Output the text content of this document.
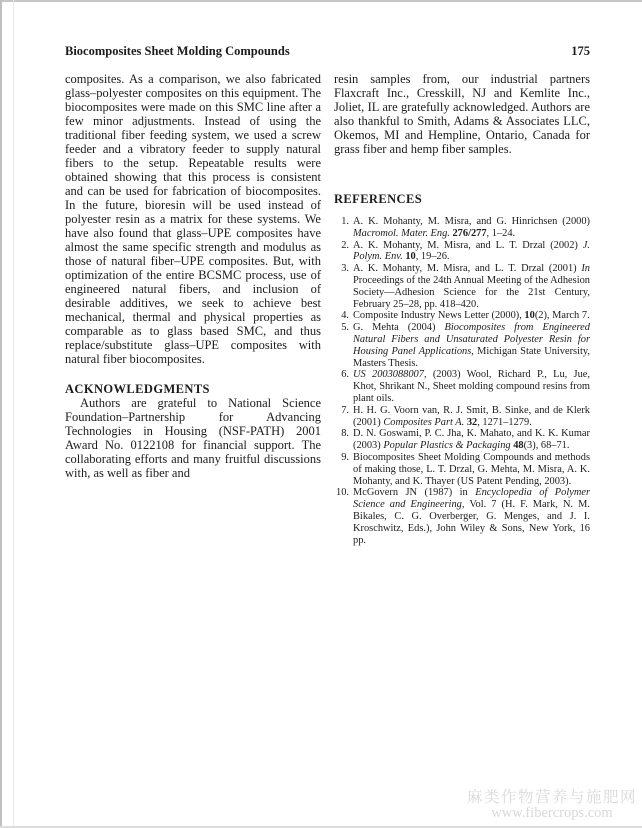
Biocomposites Sheet Molding Compounds	175

composites. As a comparison, we also fabricated glass–polyester composites on this equipment. The biocomposites were made on this SMC line after a few minor adjustments. Instead of using the traditional fiber feeding system, we used a screw feeder and a vibratory feeder to supply natural fibers to the setup. Repeatable results were obtained showing that this process is consistent and can be used for fabrication of biocomposites. In the future, bioresin will be used instead of polyester resin as a matrix for these systems. We have also found that glass–UPE composites have almost the same specific strength and modulus as those of natural fiber–UPE composites. But, with optimization of the entire BCSMC process, use of engineered natural fibers, and inclusion of desirable additives, we seek to achieve best mechanical, thermal and physical properties as comparable as to glass based SMC, and thus replace/substitute glass–UPE composites with natural fiber biocomposites.

ACKNOWLEDGMENTS

Authors are grateful to National Science Foundation–Partnership for Advancing Technologies in Housing (NSF-PATH) 2001 Award No. 0122108 for financial support. The collaborating efforts and many fruitful discussions with, as well as fiber and

resin samples from, our industrial partners Flaxcraft Inc., Cresskill, NJ and Kemlite Inc., Joliet, IL are gratefully acknowledged. Authors are also thankful to Smith, Adams & Associates LLC, Okemos, MI and Hempline, Ontario, Canada for grass fiber and hemp fiber samples.

REFERENCES
1. A. K. Mohanty, M. Misra, and G. Hinrichsen (2000) Macromol. Mater. Eng. 276/277, 1–24.
2. A. K. Mohanty, M. Misra, and L. T. Drzal (2002) J. Polym. Env. 10, 19–26.
3. A. K. Mohanty, M. Misra, and L. T. Drzal (2001) In Proceedings of the 24th Annual Meeting of the Adhesion Society—Adhesion Science for the 21st Century, February 25–28, pp. 418–420.
4. Composite Industry News Letter (2000), 10(2), March 7.
5. G. Mehta (2004) Biocomposites from Engineered Natural Fibers and Unsaturated Polyester Resin for Housing Panel Applications, Michigan State University, Masters Thesis.
6. US 2003088007, (2003) Wool, Richard P., Lu, Jue, Khot, Shrikant N., Sheet molding compound resins from plant oils.
7. H. H. G. Voorn van, R. J. Smit, B. Sinke, and de Klerk (2001) Composites Part A. 32, 1271–1279.
8. D. N. Goswami, P. C. Jha, K. Mahato, and K. K. Kumar (2003) Popular Plastics & Packaging 48(3), 68–71.
9. Biocomposites Sheet Molding Compounds and methods of making those, L. T. Drzal, G. Mehta, M. Misra, A. K. Mohanty, and K. Thayer (US Patent Pending, 2003).
10. McGovern JN (1987) in Encyclopedia of Polymer Science and Engineering, Vol. 7 (H. F. Mark, N. M. Bikales, C. G. Overberger, G. Menges, and J. I. Kroschwitz, Eds.), John Wiley & Sons, New York, 16 pp.
麻类作物营养与施肥网
www.fibercrops.com
